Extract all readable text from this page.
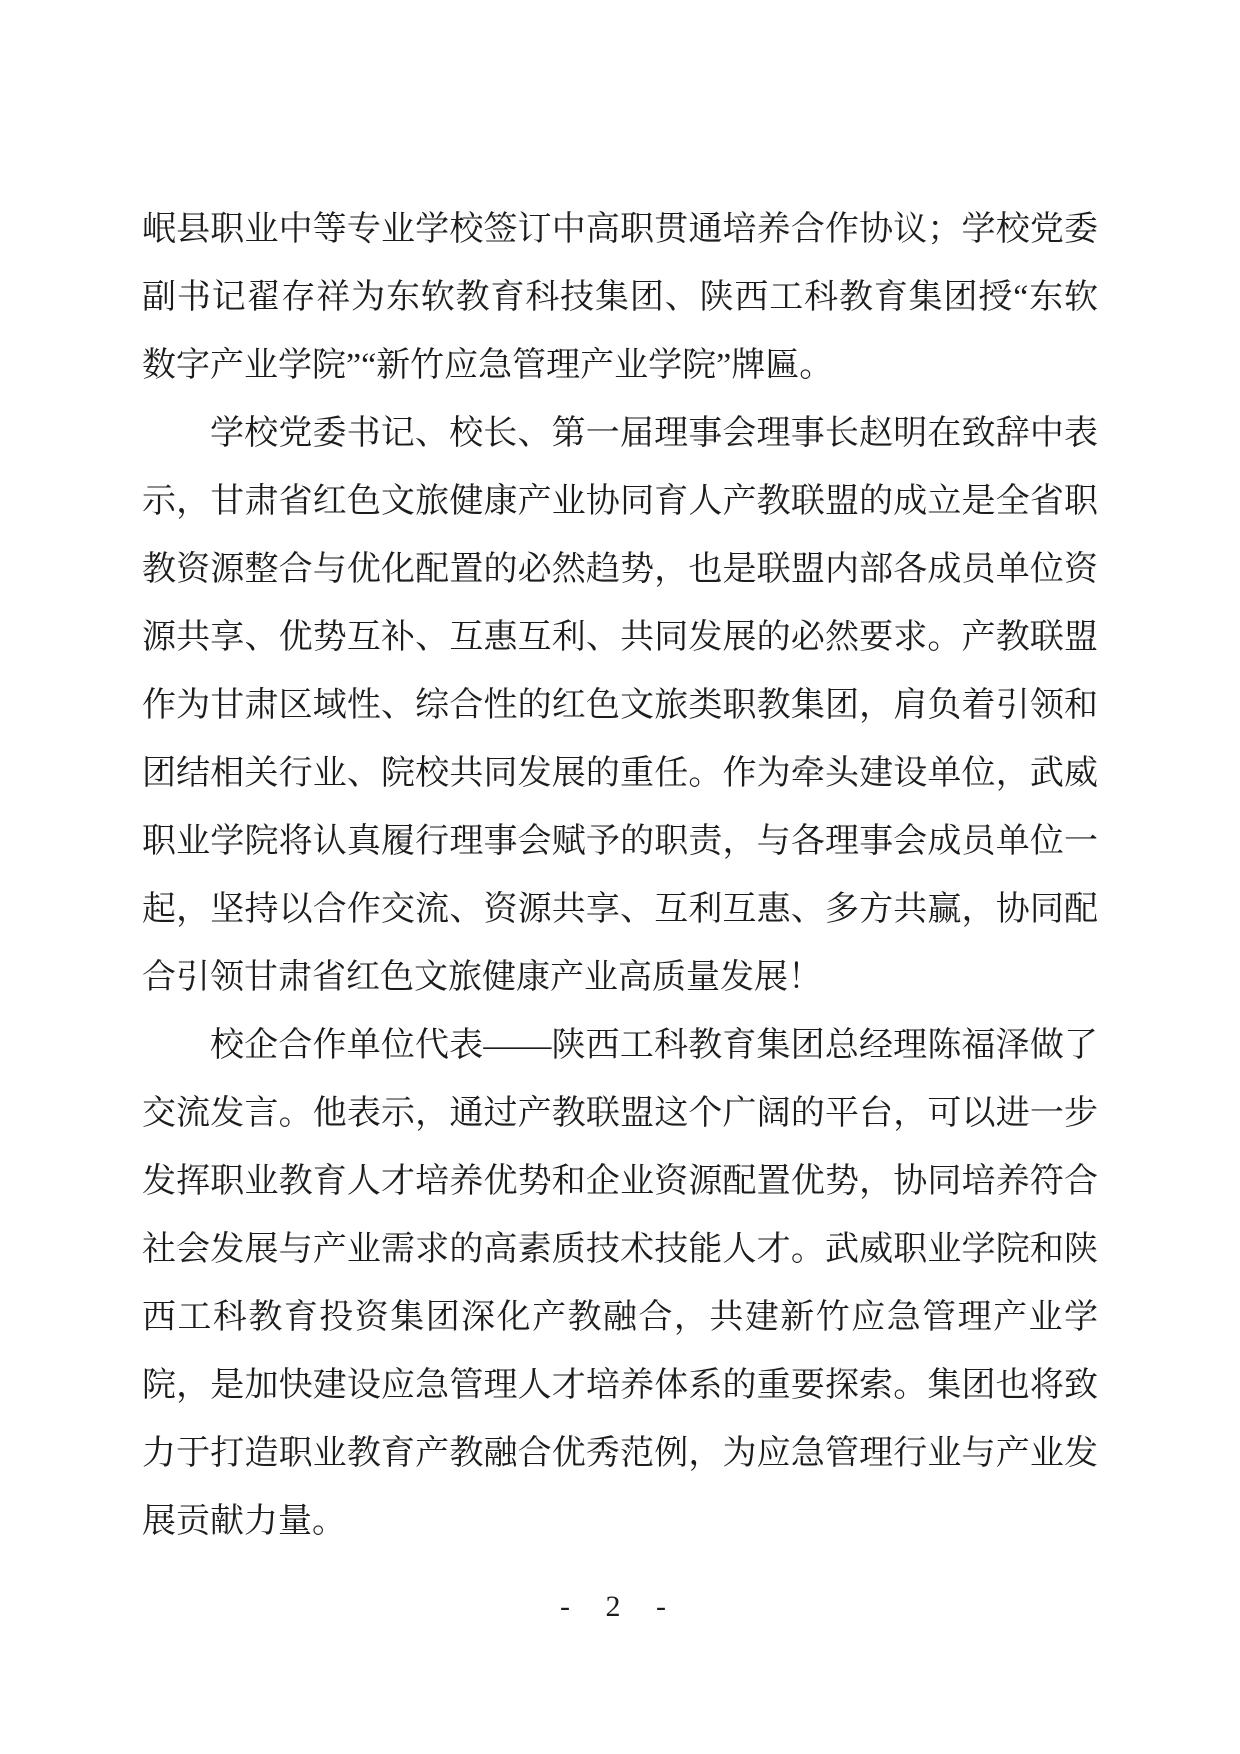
岷县职业中等专业学校签订中高职贯通培养合作协议；学校党委副书记翟存祥为东软教育科技集团、陕西工科教育集团授“东软数字产业学院”“新竹应急管理产业学院”牌匾。

学校党委书记、校长、第一届理事会理事长赵明在致辞中表示，甘肃省红色文旅健康产业协同育人产教联盟的成立是全省职教资源整合与优化配置的必然趋势，也是联盟内部各成员单位资源共享、优势互补、互惠互利、共同发展的必然要求。产教联盟作为甘肃区域性、综合性的红色文旅类职教集团，肩负着引领和团结相关行业、院校共同发展的重任。作为牵头建设单位，武威职业学院将认真履行理事会赋予的职责，与各理事会成员单位一起，坚持以合作交流、资源共享、互利互惠、多方共赢，协同配合引领甘肃省红色文旅健康产业高质量发展！

校企合作单位代表——陕西工科教育集团总经理陈福泽做了交流发言。他表示，通过产教联盟这个广阔的平台，可以进一步发挥职业教育人才培养优势和企业资源配置优势，协同培养符合社会发展与产业需求的高素质技术技能人才。武威职业学院和陕西工科教育投资集团深化产教融合，共建新竹应急管理产业学院，是加快建设应急管理人才培养体系的重要探索。集团也将致力于打造职业教育产教融合优秀范例，为应急管理行业与产业发展贡献力量。

- 2 -
